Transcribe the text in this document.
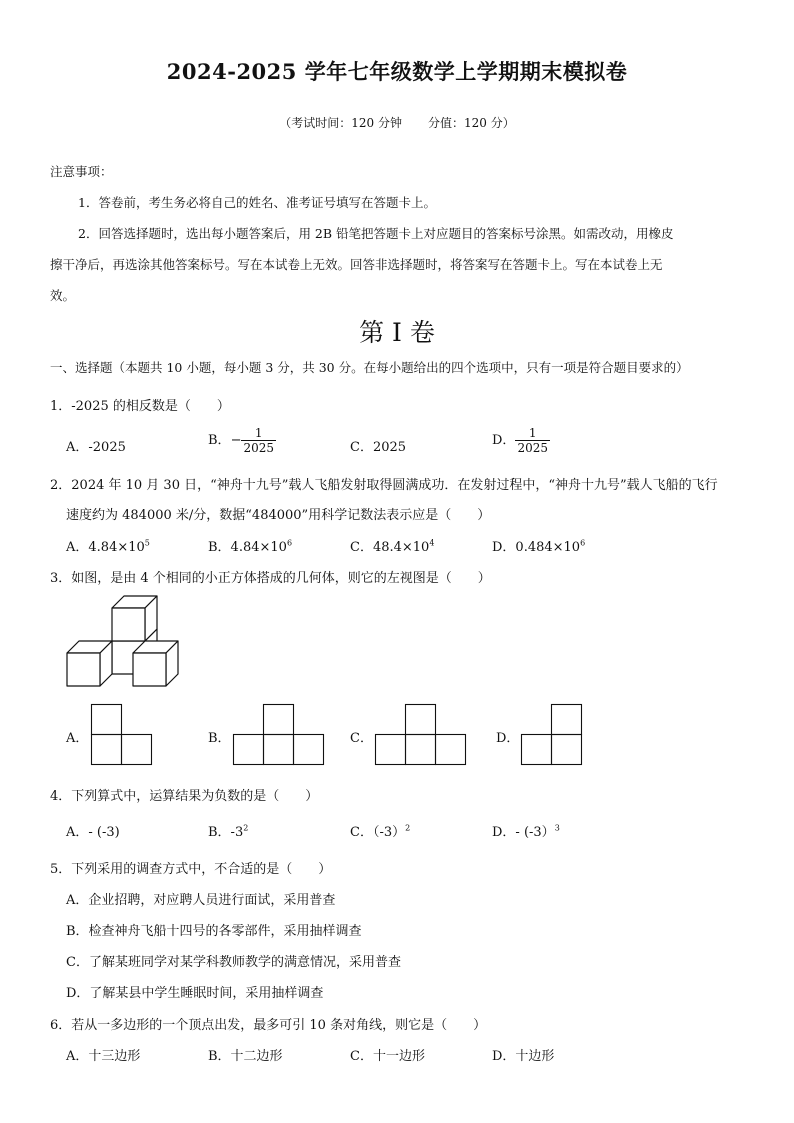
2024-2025 学年七年级数学上学期期末模拟卷
（考试时间：120 分钟 分值：120 分）
注意事项：
1．答卷前，考生务必将自己的姓名、准考证号填写在答题卡上。
2．回答选择题时，选出每小题答案后，用 2B 铅笔把答题卡上对应题目的答案标号涂黑。如需改动，用橡皮
擦干净后，再选涂其他答案标号。写在本试卷上无效。回答非选择题时，将答案写在答题卡上。写在本试卷上无
效。
第 I 卷
一、选择题（本题共 10 小题，每小题 3 分，共 30 分。在每小题给出的四个选项中，只有一项是符合题目要求的）
1．-2025 的相反数是（　　）
A．-2025	B．− $\frac{1}{2025}$	C．2025	D． $\frac{1}{2025}$
2．2024 年 10 月 30 日，“神舟十九号”载人飞船发射取得圆满成功．在发射过程中，“神舟十九号”载人飞船的飞行
速度约为 484000 米/分，数据“484000”用科学记数法表示应是（　　）
A．$4.84\times 10^5$	B．$4.84\times 10^6$	C．$48.4\times 10^4$	D．$0.484\times 10^6$
3．如图，是由 4 个相同的小正方体搭成的几何体，则它的左视图是（　　）
A．	B．	C．	D．
4．下列算式中，运算结果为负数的是（　　）
A．- (-3)	B．$-3^2$	C．$(-3)^2$	D．- (-3）$^3$
5．下列采用的调查方式中，不合适的是（　　）
A．企业招聘，对应聘人员进行面试，采用普查
B．检查神舟飞船十四号的各零部件，采用抽样调查
C．了解某班同学对某学科教师教学的满意情况，采用普查
D．了解某县中学生睡眠时间，采用抽样调查
6．若从一多边形的一个顶点出发，最多可引 10 条对角线，则它是（　　）
A．十三边形	B．十二边形	C．十一边形	D．十边形
